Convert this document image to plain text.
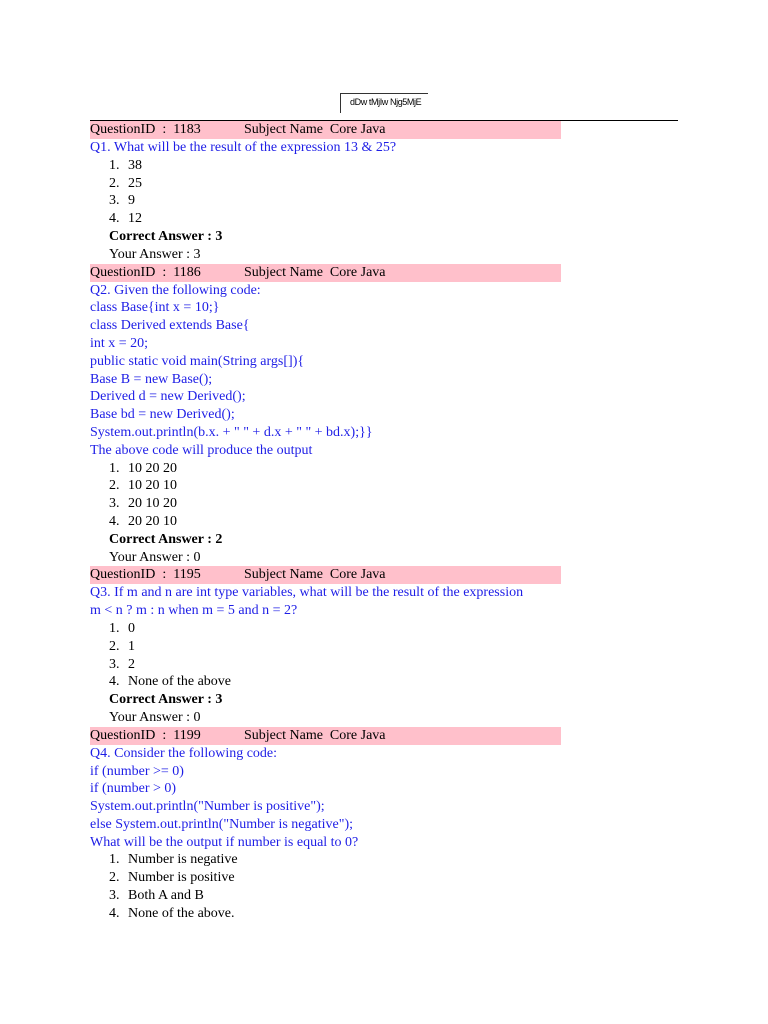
dDw tMjIw Njg5MjE
QuestionID  :  1183	Subject Name  Core Java
Q1. What will be the result of the expression 13 & 25?
1. 38
2. 25
3. 9
4. 12
Correct Answer : 3
Your Answer : 3
QuestionID  :  1186	Subject Name  Core Java
Q2. Given the following code:
class Base{int x = 10;}
class Derived extends Base{
int x = 20;
public static void main(String args[]){
Base B = new Base();
Derived d = new Derived();
Base bd = new Derived();
System.out.println(b.x. + " " + d.x + " " + bd.x);}}
The above code will produce the output
1. 10 20 20
2. 10 20 10
3. 20 10 20
4. 20 20 10
Correct Answer : 2
Your Answer : 0
QuestionID  :  1195	Subject Name  Core Java
Q3. If m and n are int type variables, what will be the result of the expression
m < n ? m : n when m = 5 and n = 2?
1. 0
2. 1
3. 2
4. None of the above
Correct Answer : 3
Your Answer : 0
QuestionID  :  1199	Subject Name  Core Java
Q4. Consider the following code:
if (number >= 0)
if (number > 0)
System.out.println("Number is positive");
else System.out.println("Number is negative");
What will be the output if number is equal to 0?
1. Number is negative
2. Number is positive
3. Both A and B
4. None of the above.
